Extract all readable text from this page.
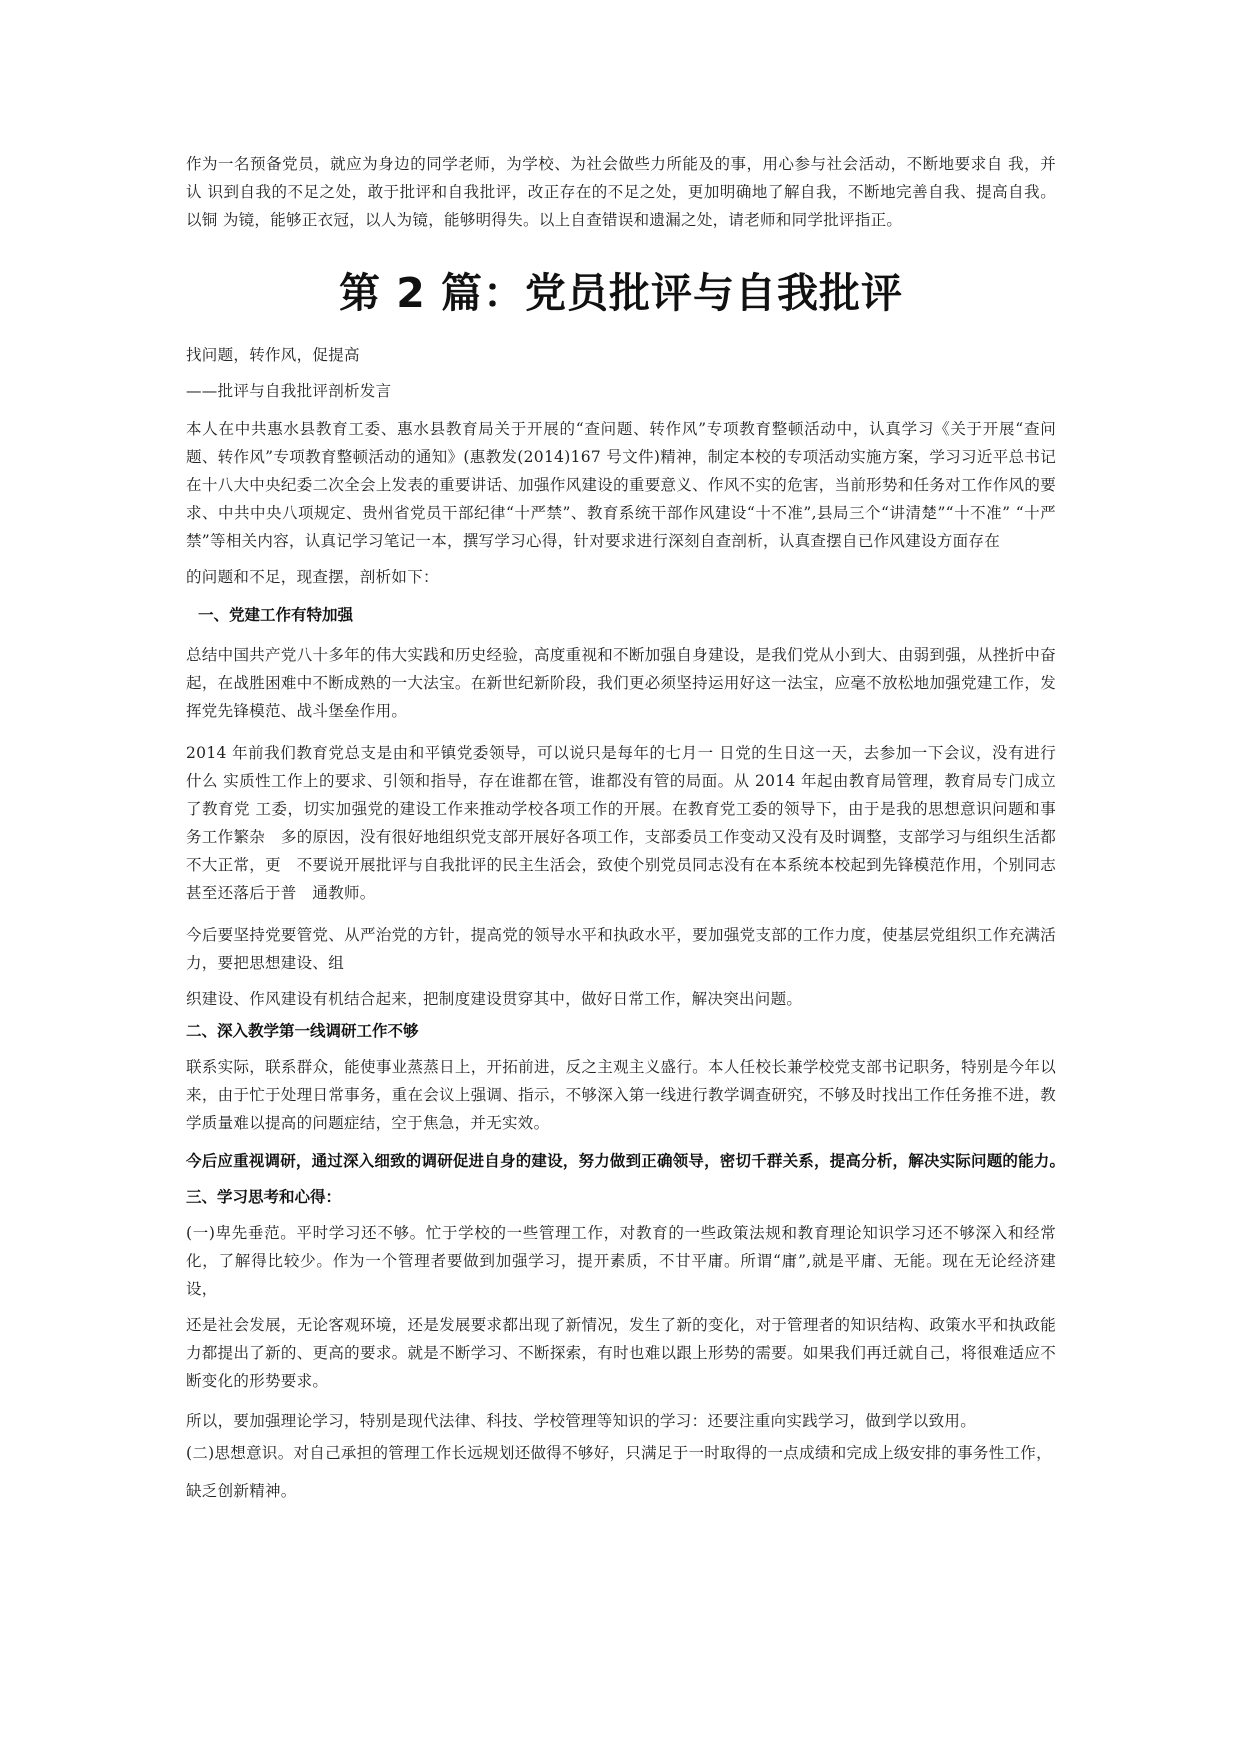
作为一名预备党员，就应为身边的同学老师，为学校、为社会做些力所能及的事，用心参与社会活动，不断地要求自 我，并认 识到自我的不足之处，敢于批评和自我批评，改正存在的不足之处，更加明确地了解自我，不断地完善自我、提高自我。以铜 为镜，能够正衣冠，以人为镜，能够明得失。以上自查错误和遗漏之处，请老师和同学批评指正。

第 2 篇：党员批评与自我批评

找问题，转作风，促提高

——批评与自我批评剖析发言

本人在中共惠水县教育工委、惠水县教育局关于开展的“查问题、转作风”专项教育整顿活动中，认真学习《关于开展“查问题、转作风”专项教育整顿活动的通知》(惠教发(2014)167 号文件)精神，制定本校的专项活动实施方案，学习习近平总书记在十八大中央纪委二次全会上发表的重要讲话、加强作风建设的重要意义、作风不实的危害，当前形势和任务对工作作风的要求、中共中央八项规定、贵州省党员干部纪律“十严禁”、教育系统干部作风建设“十不准”,县局三个“讲清楚”“十不准” “十严禁”等相关内容，认真记学习笔记一本，撰写学习心得，针对要求进行深刻自查剖析，认真查摆自已作风建设方面存在

的问题和不足，现查摆，剖析如下：

一、党建工作有特加强

总结中国共产党八十多年的伟大实践和历史经验，高度重视和不断加强自身建设，是我们党从小到大、由弱到强，从挫折中奋起，在战胜困难中不断成熟的一大法宝。在新世纪新阶段，我们更必须坚持运用好这一法宝，应毫不放松地加强党建工作，发挥党先锋模范、战斗堡垒作用。

2014 年前我们教育党总支是由和平镇党委领导，可以说只是每年的七月一 日党的生日这一天，去参加一下会议，没有进行什么 实质性工作上的要求、引领和指导，存在谁都在管，谁都没有管的局面。从 2014 年起由教育局管理，教育局专门成立了教育党 工委，切实加强党的建设工作来推动学校各项工作的开展。在教育党工委的领导下，由于是我的思想意识问题和事务工作繁杂　多的原因，没有很好地组织党支部开展好各项工作，支部委员工作变动又没有及时调整，支部学习与组织生活都不大正常，更　不要说开展批评与自我批评的民主生活会，致使个别党员同志没有在本系统本校起到先锋模范作用，个别同志甚至还落后于普　通教师。

今后要坚持党要管党、从严治党的方针，提高党的领导水平和执政水平，要加强党支部的工作力度，使基层党组织工作充满活力，要把思想建设、组

织建设、作风建设有机结合起来，把制度建设贯穿其中，做好日常工作，解决突出问题。

二、深入教学第一线调研工作不够

联系实际，联系群众，能使事业蒸蒸日上，开拓前进，反之主观主义盛行。本人任校长兼学校党支部书记职务，特别是今年以来，由于忙于处理日常事务，重在会议上强调、指示，不够深入第一线进行教学调查研究，不够及时找出工作任务推不进，教学质量难以提高的问题症结，空于焦急，并无实效。

今后应重视调研，通过深入细致的调研促进自身的建设，努力做到正确领导，密切千群关系，提高分析，解决实际问题的能力。

三、学习思考和心得：

(一)卑先垂范。平时学习还不够。忙于学校的一些管理工作，对教育的一些政策法规和教育理论知识学习还不够深入和经常化，了解得比较少。作为一个管理者要做到加强学习，提开素质，不甘平庸。所谓“庸”,就是平庸、无能。现在无论经济建设，

还是社会发展，无论客观环境，还是发展要求都出现了新情况，发生了新的变化，对于管理者的知识结构、政策水平和执政能力都提出了新的、更高的要求。就是不断学习、不断探索，有时也难以跟上形势的需要。如果我们再迁就自己，将很难适应不断变化的形势要求。

所以，要加强理论学习，特别是现代法律、科技、学校管理等知识的学习：还要注重向实践学习，做到学以致用。

(二)思想意识。对自己承担的管理工作长远规划还做得不够好，只满足于一时取得的一点成绩和完成上级安排的事务性工作，

缺乏创新精神。
